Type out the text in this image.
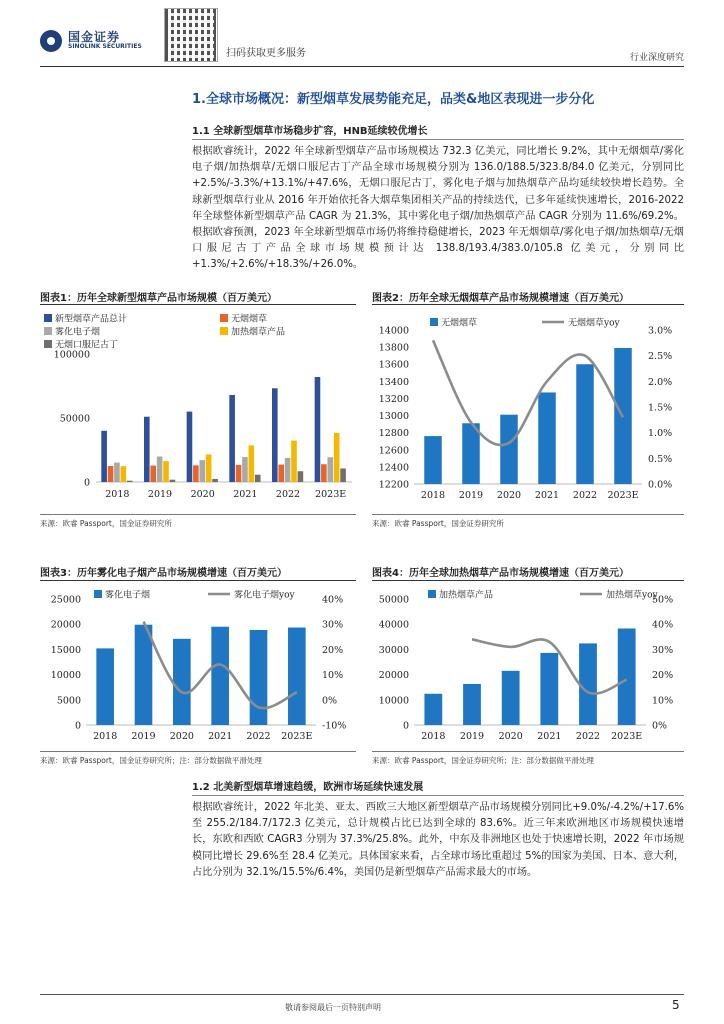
国金证券
SINOLINK SECURITIES
扫码获取更多服务	行业深度研究
1.全球市场概况：新型烟草发展势能充足，品类&地区表现进一步分化
1.1 全球新型烟草市场稳步扩容，HNB延续较优增长

根据欧睿统计，2022 年全球新型烟草产品市场规模达 732.3 亿美元，同比增长 9.2%，其中无烟烟草/雾化电子烟/加热烟草/无烟口服尼古丁产品全球市场规模分别为 136.0/188.5/323.8/84.0 亿美元，分别同比+2.5%/-3.3%/+13.1%/+47.6%，无烟口服尼古丁，雾化电子烟与加热烟草产品均延续较快增长趋势。全球新型烟草行业从 2016 年开始依托各大烟草集团相关产品的持续迭代，已多年延续快速增长，2016-2022 年全球整体新型烟草产品 CAGR 为 21.3%，其中雾化电子烟/加热烟草产品 CAGR 分别为 11.6%/69.2%。根据欧睿预测，2023 年全球新型烟草市场仍将维持稳健增长，2023 年无烟烟草/雾化电子烟/加热烟草/无烟口服尼古丁产品全球市场规模预计达 138.8/193.4/383.0/105.8 亿美元，分别同比+1.3%/+2.6%/+18.3%/+26.0%。

图表1：历年全球新型烟草产品市场规模（百万美元）
新型烟草产品总计	无烟烟草
雾化电子烟	加热烟草产品
无烟口服尼古丁
0
50000
100000
2018 2019 2020 2021 2022 2023E
来源：欧睿 Passport，国金证券研究所
图表2：历年全球无烟烟草产品市场规模增速（百万美元）
无烟烟草	无烟烟草yoy
12200
12400
12600
12800
13000
13200
13400
13600
13800
14000
0.0%
0.5%
1.0%
1.5%
2.0%
2.5%
3.0%
2018 2019 2020 2021 2022 2023E
来源：欧睿 Passport，国金证券研究所
图表3：历年雾化电子烟产品市场规模增速（百万美元）
雾化电子烟	雾化电子烟yoy
0
5000
10000
15000
20000
25000
-10%
0%
10%
20%
30%
40%
2018 2019 2020 2021 2022 2023E
来源：欧睿 Passport，国金证券研究所；注：部分数据做平滑处理
图表4：历年全球加热烟草产品市场规模增速（百万美元）
加热烟草产品	加热烟草yoy
0
10000
20000
30000
40000
50000
0%
10%
20%
30%
40%
50%
2018 2019 2020 2021 2022 2023E
来源：欧睿 Passport，国金证券研究所；注：部分数据做平滑处理
1.2 北美新型烟草增速趋缓，欧洲市场延续快速发展

根据欧睿统计，2022 年北美、亚太、西欧三大地区新型烟草产品市场规模分别同比+9.0%/-4.2%/+17.6%至 255.2/184.7/172.3 亿美元，总计规模占比已达到全球的 83.6%。近三年来欧洲地区市场规模快速增长，东欧和西欧 CAGR3 分别为 37.3%/25.8%。此外，中东及非洲地区也处于快速增长期，2022 年市场规模同比增长 29.6%至 28.4 亿美元。具体国家来看，占全球市场比重超过 5%的国家为美国、日本、意大利，占比分别为 32.1%/15.5%/6.4%，美国仍是新型烟草产品需求最大的市场。

敬请参阅最后一页特别声明	5
